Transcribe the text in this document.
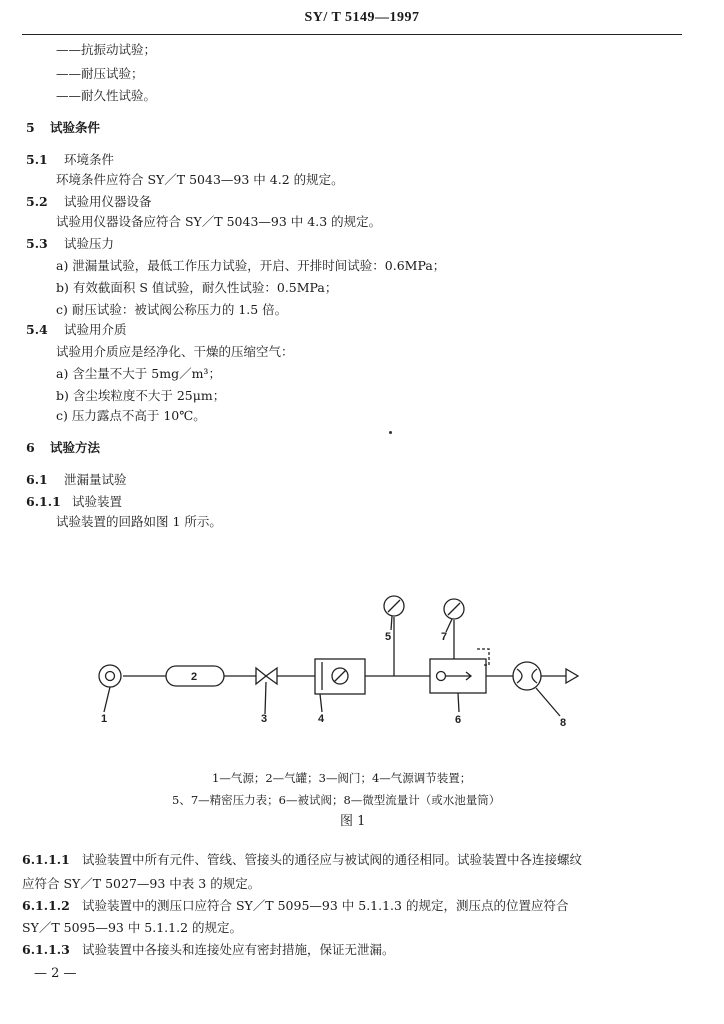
SY/ T 5149—1997
——抗振动试验；
——耐压试验；
——耐久性试验。
5 试验条件
5.1 环境条件
环境条件应符合 SY／T 5043—93 中 4.2 的规定。
5.2 试验用仪器设备
试验用仪器设备应符合 SY／T 5043—93 中 4.3 的规定。
5.3 试验压力
a) 泄漏量试验，最低工作压力试验，开启、开排时间试验：0.6MPa；
b) 有效截面积 S 值试验，耐久性试验：0.5MPa；
c) 耐压试验：被试阀公称压力的 1.5 倍。
5.4 试验用介质
试验用介质应是经净化、干燥的压缩空气：
a) 含尘量不大于 5mg／m³；
b) 含尘埃粒度不大于 25μm；
c) 压力露点不高于 10℃。
6 试验方法
6.1 泄漏量试验
6.1.1 试验装置
试验装置的回路如图 1 所示。
1
2
3	4
5
6
7
8
1—气源；2—气罐；3—阀门；4—气源调节装置；
5、7—精密压力表；6—被试阀；8—微型流量计（或水池量筒）
图 1
6.1.1.1 试验装置中所有元件、管线、管接头的通径应与被试阀的通径相同。试验装置中各连接螺纹
应符合 SY／T 5027—93 中表 3 的规定。
6.1.1.2 试验装置中的测压口应符合 SY／T 5095—93 中 5.1.1.3 的规定，测压点的位置应符合
SY／T 5095—93 中 5.1.1.2 的规定。
6.1.1.3 试验装置中各接头和连接处应有密封措施，保证无泄漏。
— 2 —
